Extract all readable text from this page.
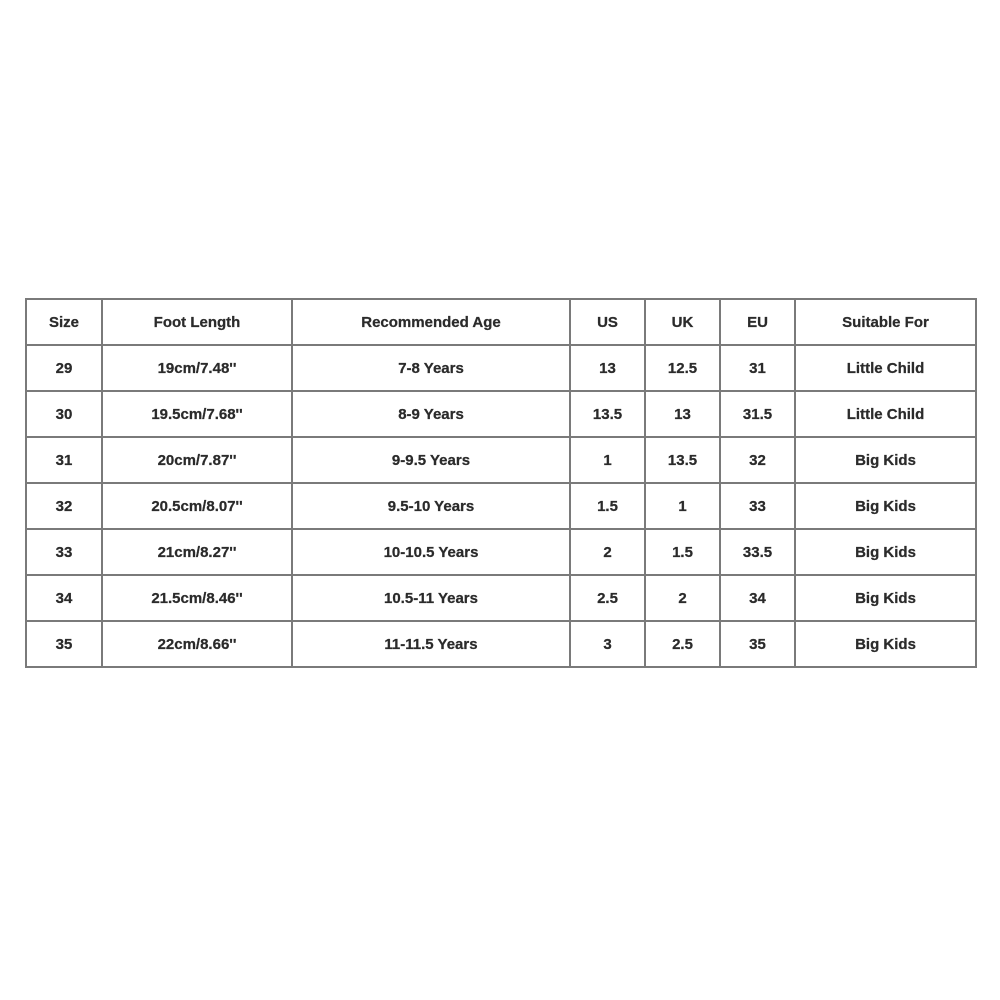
Size	Foot Length	Recommended Age	US	UK	EU	Suitable For
29	19cm/7.48''	7-8 Years	13	12.5	31	Little Child
30	19.5cm/7.68''	8-9 Years	13.5	13	31.5	Little Child
31	20cm/7.87''	9-9.5 Years	1	13.5	32	Big Kids
32	20.5cm/8.07''	9.5-10 Years	1.5	1	33	Big Kids
33	21cm/8.27''	10-10.5 Years	2	1.5	33.5	Big Kids
34	21.5cm/8.46''	10.5-11 Years	2.5	2	34	Big Kids
35	22cm/8.66''	11-11.5 Years	3	2.5	35	Big Kids
